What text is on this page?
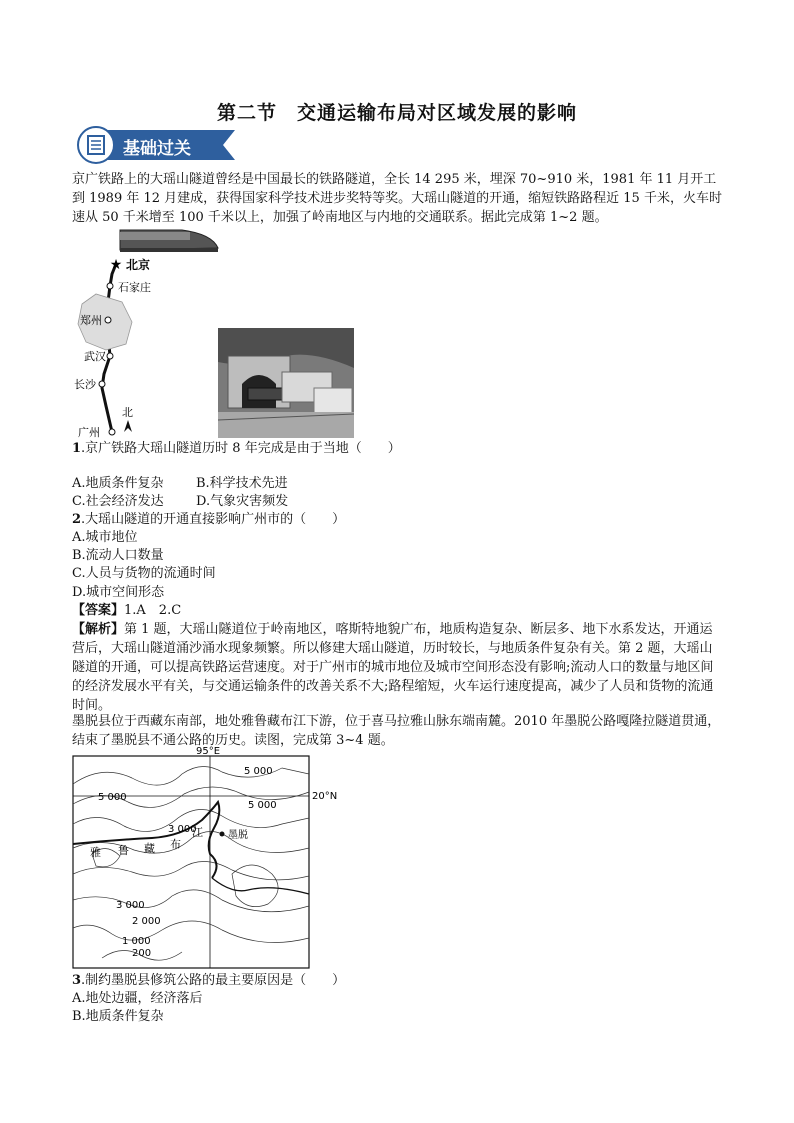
第二节　交通运输布局对区域发展的影响
基础过关
京广铁路上的大瑶山隧道曾经是中国最长的铁路隧道，全长 14 295 米，埋深 70~910 米，1981 年 11 月开工到 1989 年 12 月建成，获得国家科学技术进步奖特等奖。大瑶山隧道的开通，缩短铁路路程近 15 千米，火车时速从 50 千米增至 100 千米以上，加强了岭南地区与内地的交通联系。据此完成第 1~2 题。
★ 北京
石家庄
郑州
武汉
长沙
广州
北
1.京广铁路大瑶山隧道历时 8 年完成是由于当地（　　）
A.地质条件复杂 B.科学技术先进
C.社会经济发达 D.气象灾害频发
2.大瑶山隧道的开通直接影响广州市的（　　）
A.城市地位
B.流动人口数量
C.人员与货物的流通时间
D.城市空间形态
【答案】1.A　2.C
【解析】第 1 题，大瑶山隧道位于岭南地区，喀斯特地貌广布，地质构造复杂、断层多、地下水系发达，开通运营后，大瑶山隧道涌沙涌水现象频繁。所以修建大瑶山隧道，历时较长，与地质条件复杂有关。第 2 题，大瑶山隧道的开通，可以提高铁路运营速度。对于广州市的城市地位及城市空间形态没有影响;流动人口的数量与地区间的经济发展水平有关，与交通运输条件的改善关系不大;路程缩短，火车运行速度提高，减少了人员和货物的流通时间。
墨脱县位于西藏东南部，地处雅鲁藏布江下游，位于喜马拉雅山脉东端南麓。2010 年墨脱公路嘎隆拉隧道贯通，结束了墨脱县不通公路的历史。读图，完成第 3~4 题。
95°E
20°N
5 000
5 000
5 000
3 000
3 000
2 000
1 000
200
雅 鲁 藏 布
江	墨脱
3.制约墨脱县修筑公路的最主要原因是（　　）
A.地处边疆，经济落后
B.地质条件复杂
